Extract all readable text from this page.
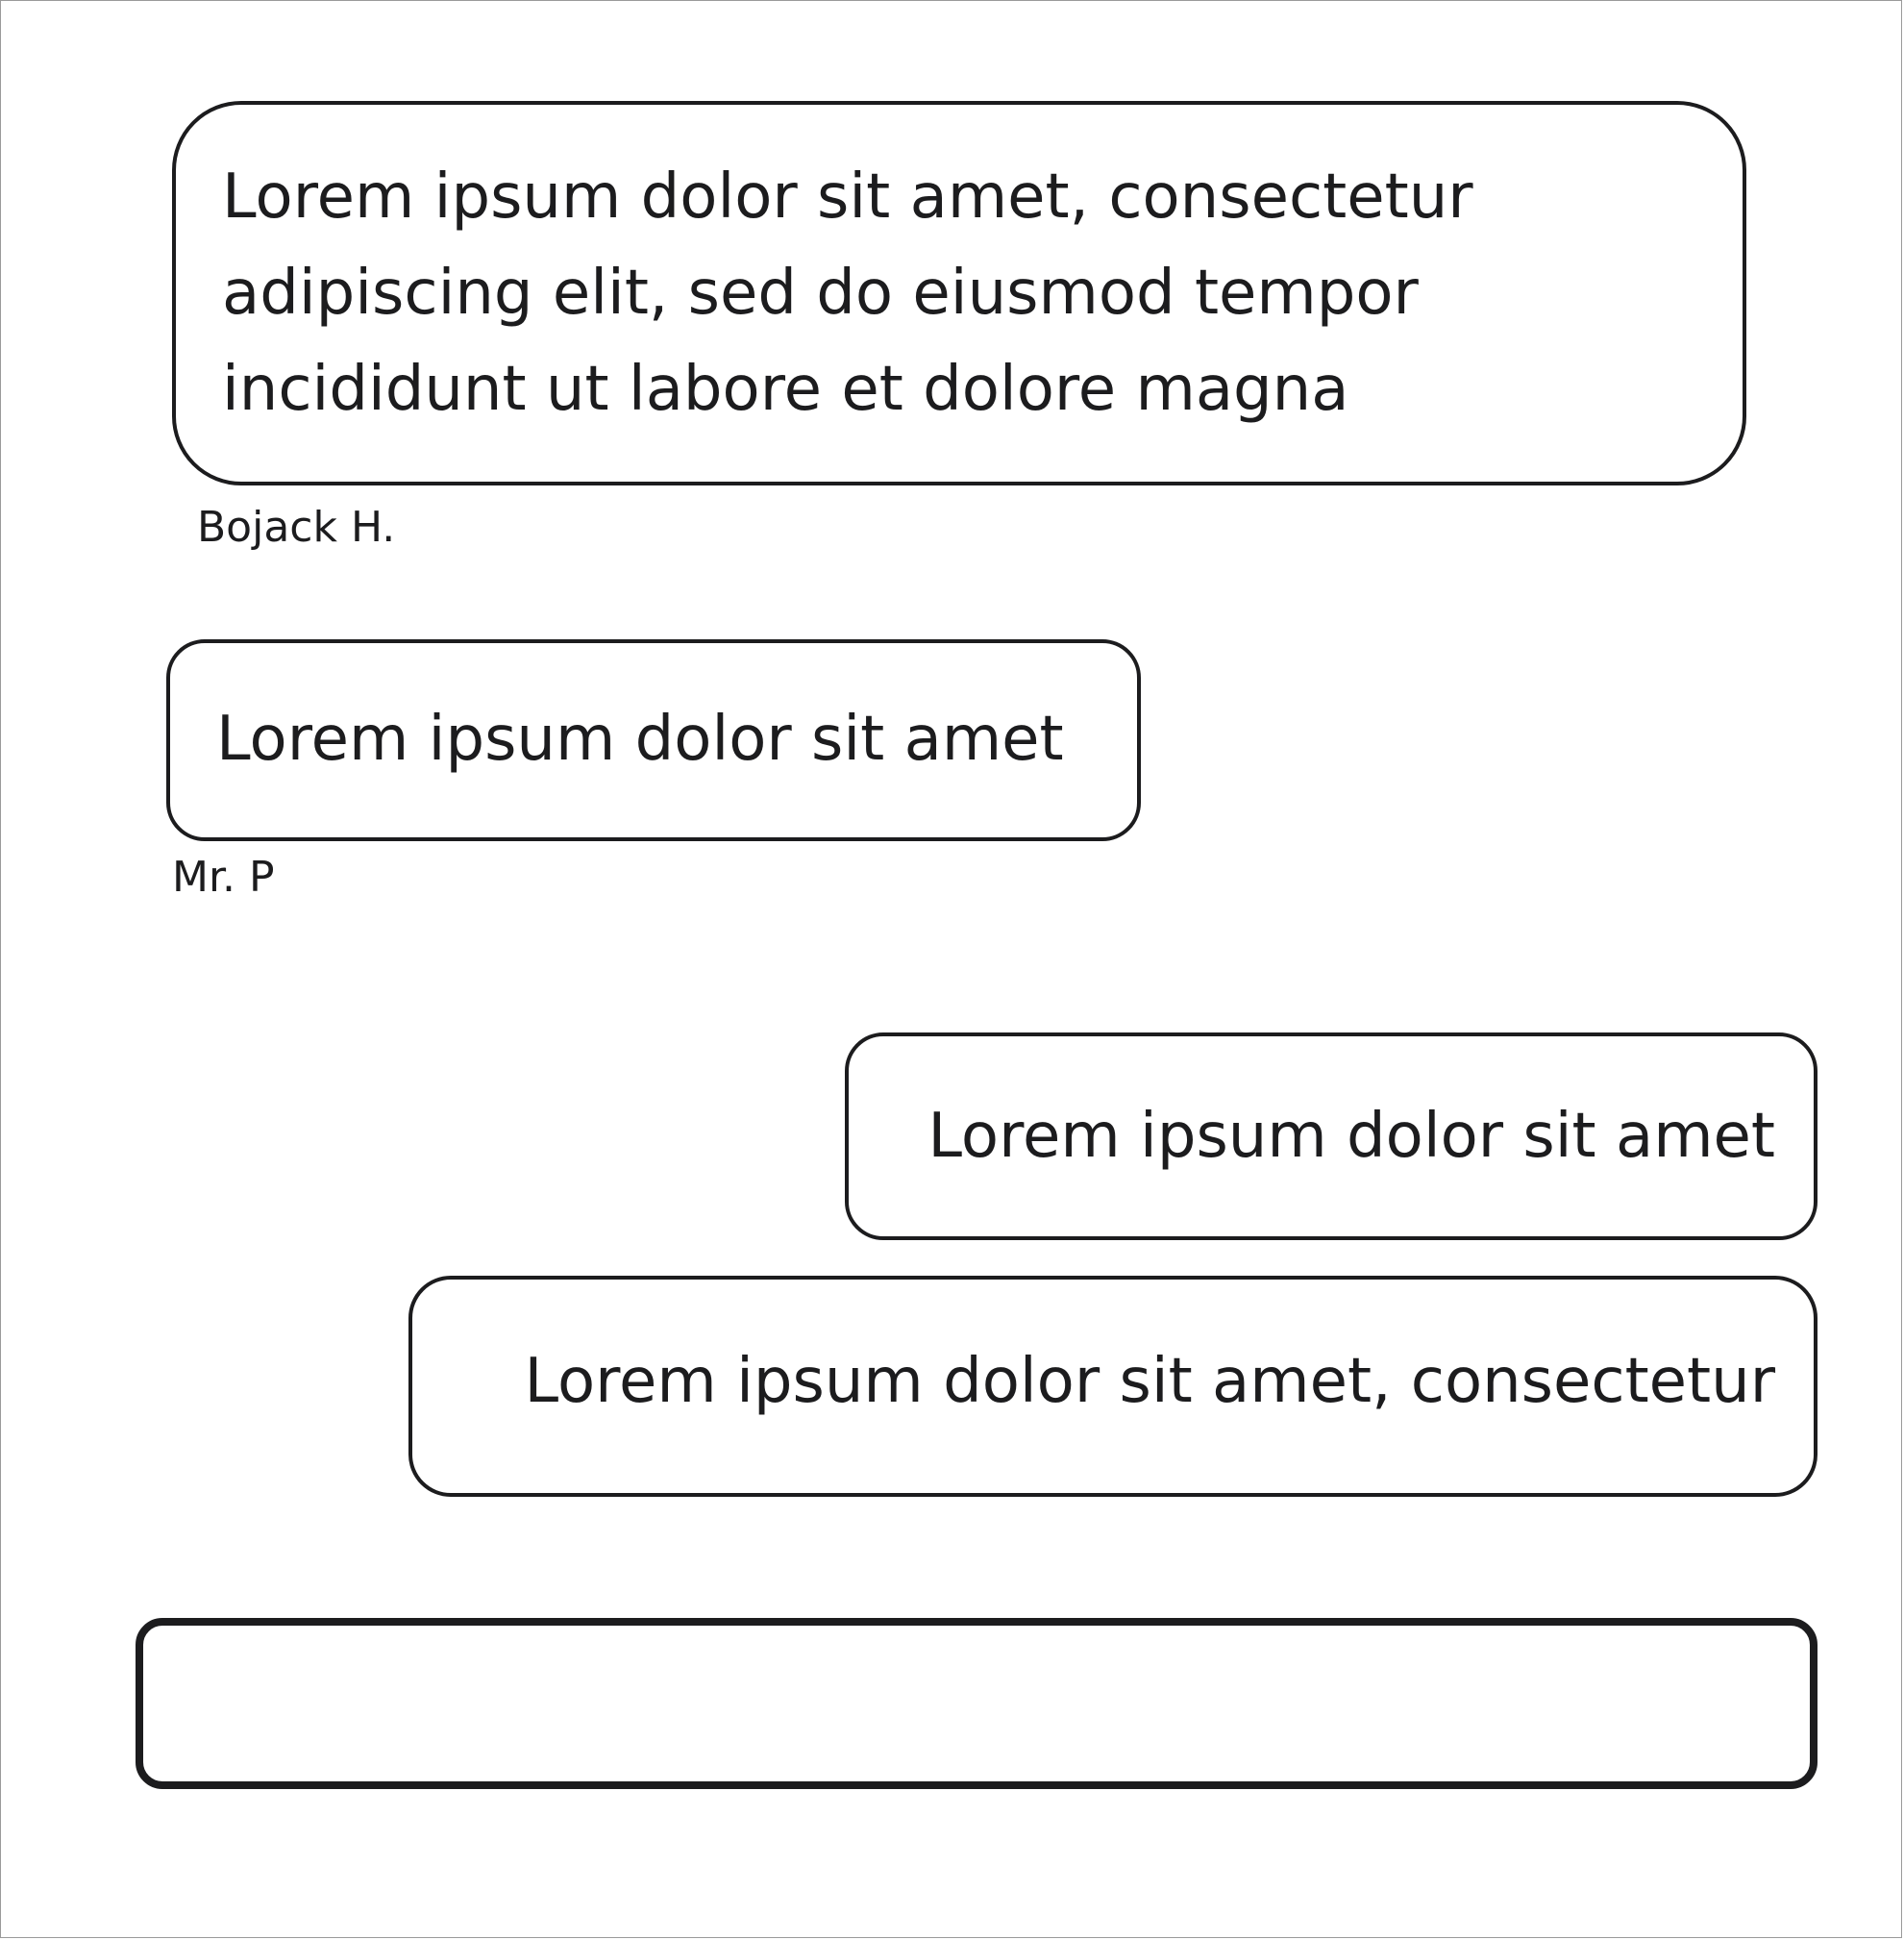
Lorem ipsum dolor sit amet, consectetur adipiscing elit, sed do eiusmod tempor incididunt ut labore et dolore magna
Bojack H.
Lorem ipsum dolor sit amet
Mr. P
Lorem ipsum dolor sit amet
Lorem ipsum dolor sit amet, consectetur
